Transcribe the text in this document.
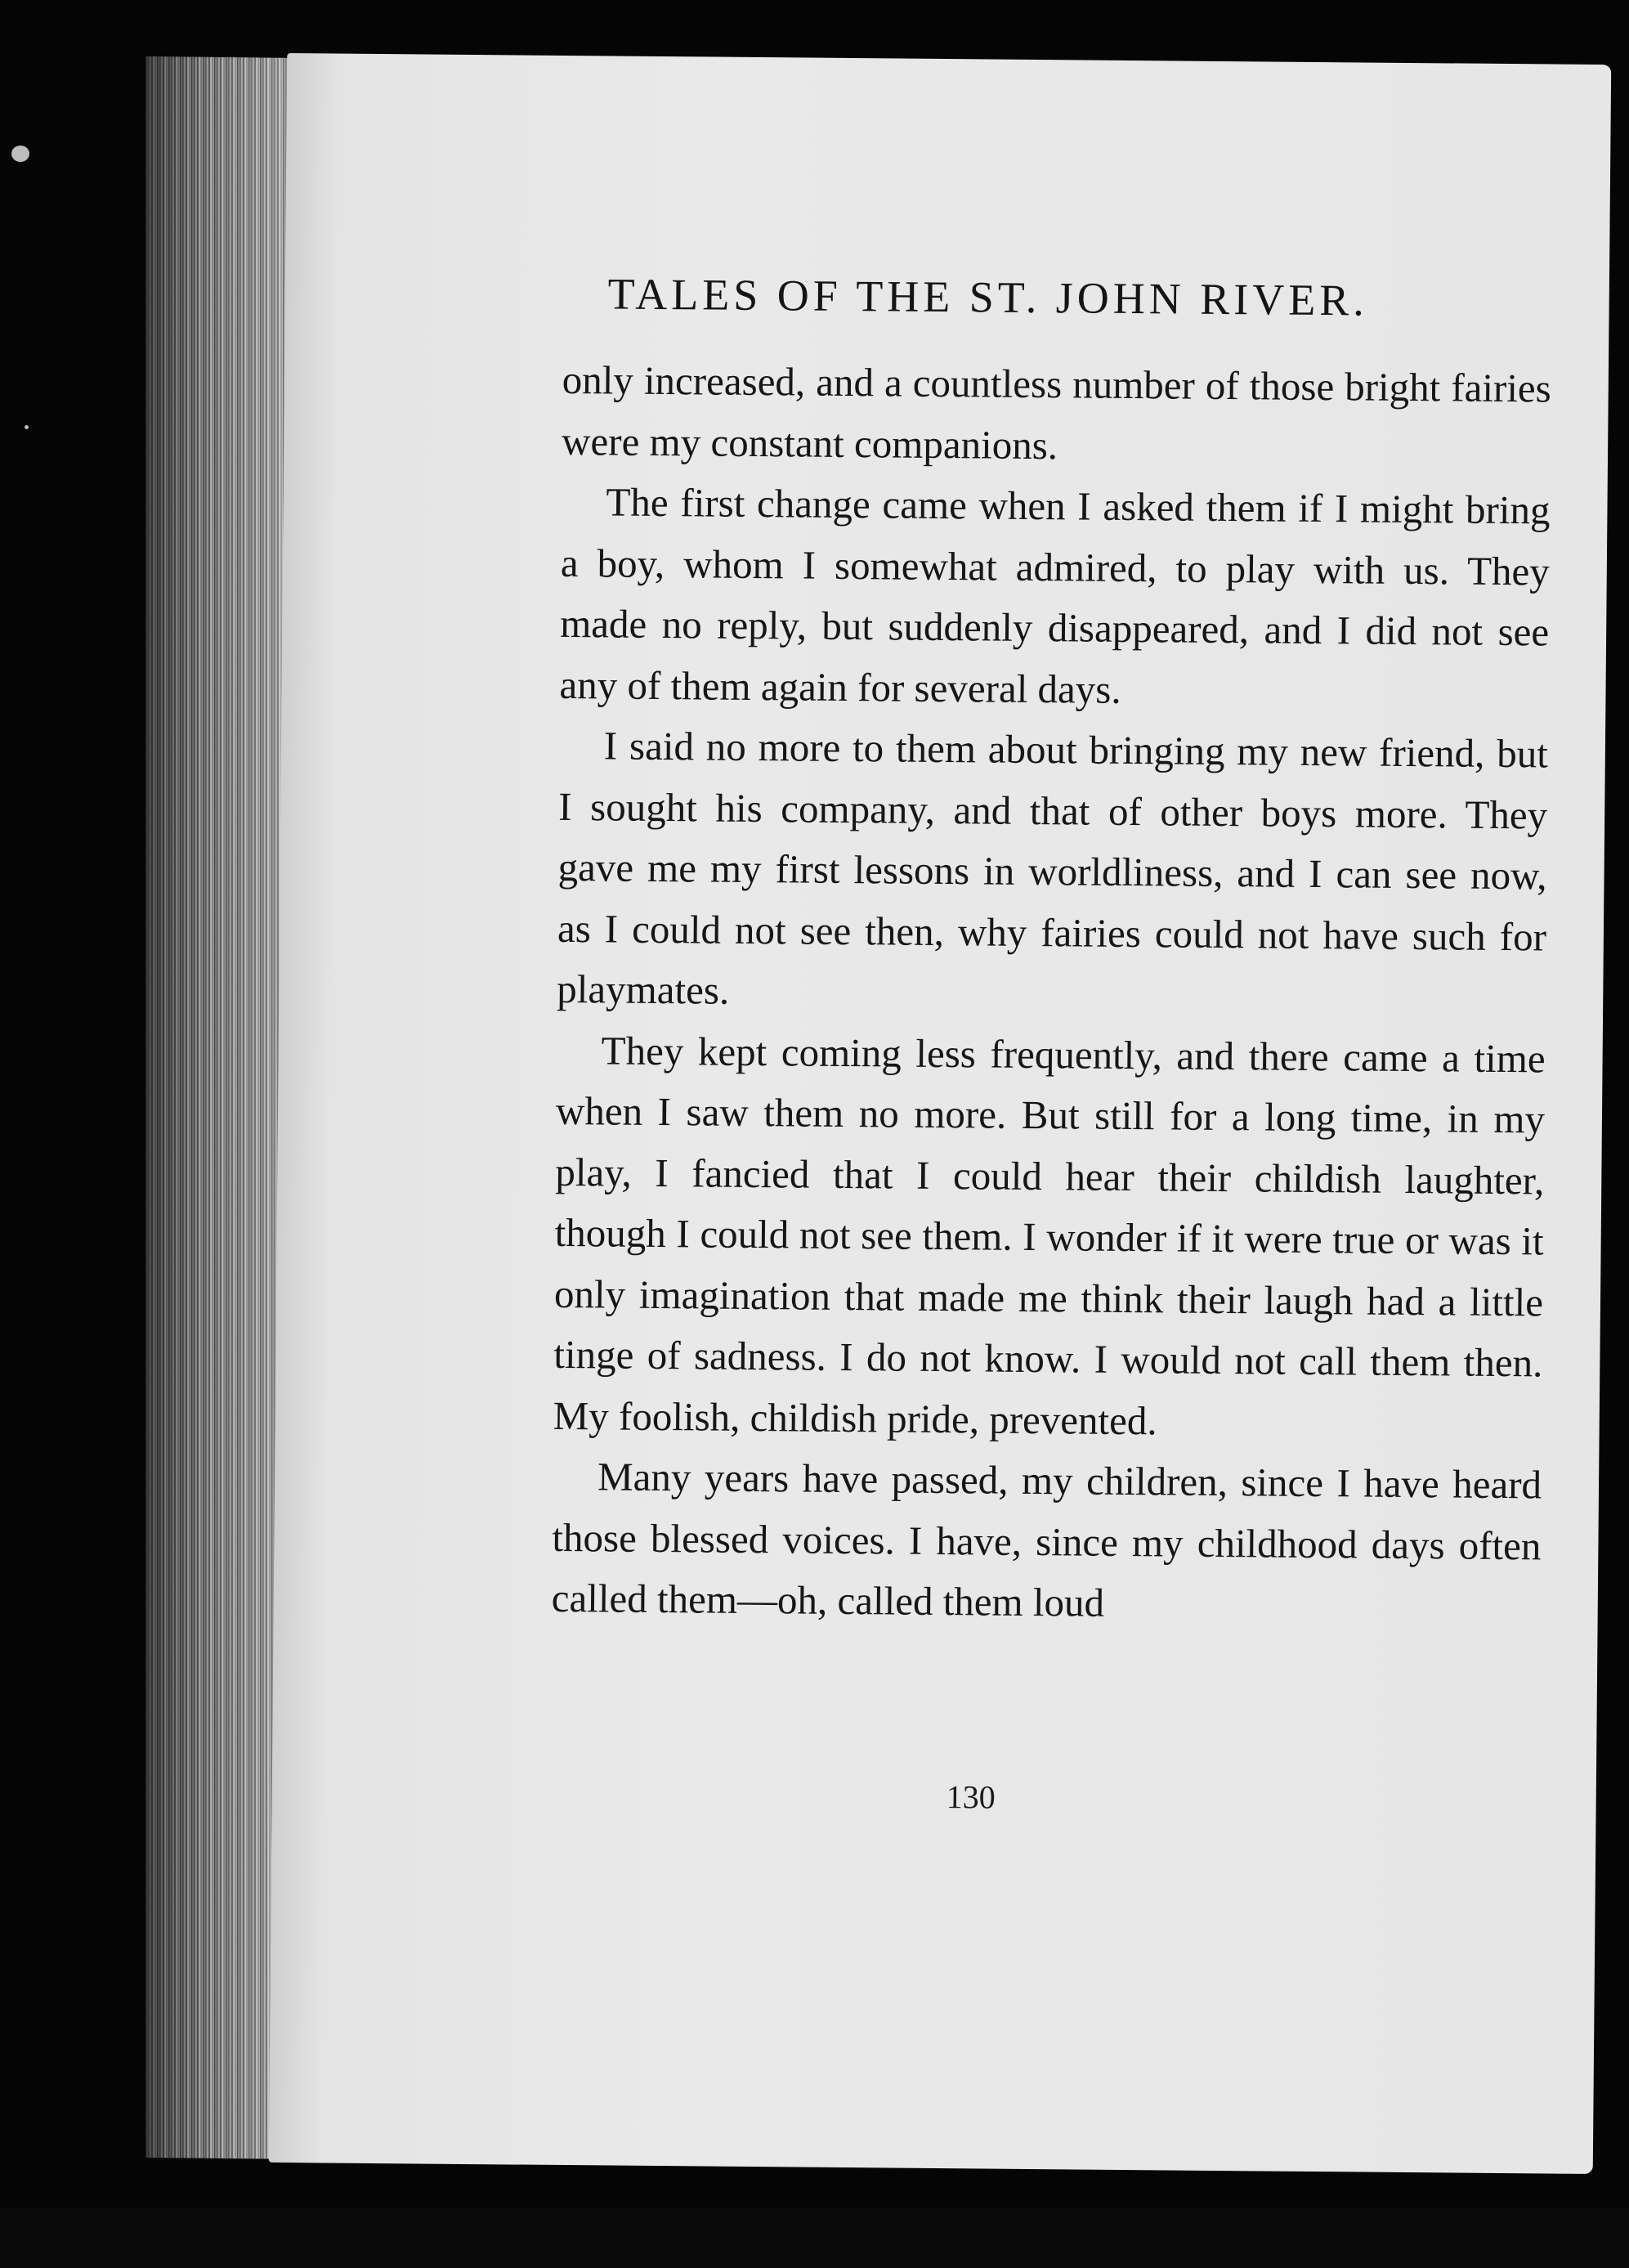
TALES OF THE ST. JOHN RIVER.

only increased, and a countless number of those bright fairies were my constant companions.

The first change came when I asked them if I might bring a boy, whom I somewhat admired, to play with us. They made no reply, but suddenly disappeared, and I did not see any of them again for several days.

I said no more to them about bringing my new friend, but I sought his company, and that of other boys more. They gave me my first lessons in worldliness, and I can see now, as I could not see then, why fairies could not have such for playmates.

They kept coming less frequently, and there came a time when I saw them no more. But still for a long time, in my play, I fancied that I could hear their childish laughter, though I could not see them. I wonder if it were true or was it only imagination that made me think their laugh had a little tinge of sadness. I do not know. I would not call them then. My foolish, childish pride, prevented.

Many years have passed, my children, since I have heard those blessed voices. I have, since my childhood days often called them—oh, called them loud

130
